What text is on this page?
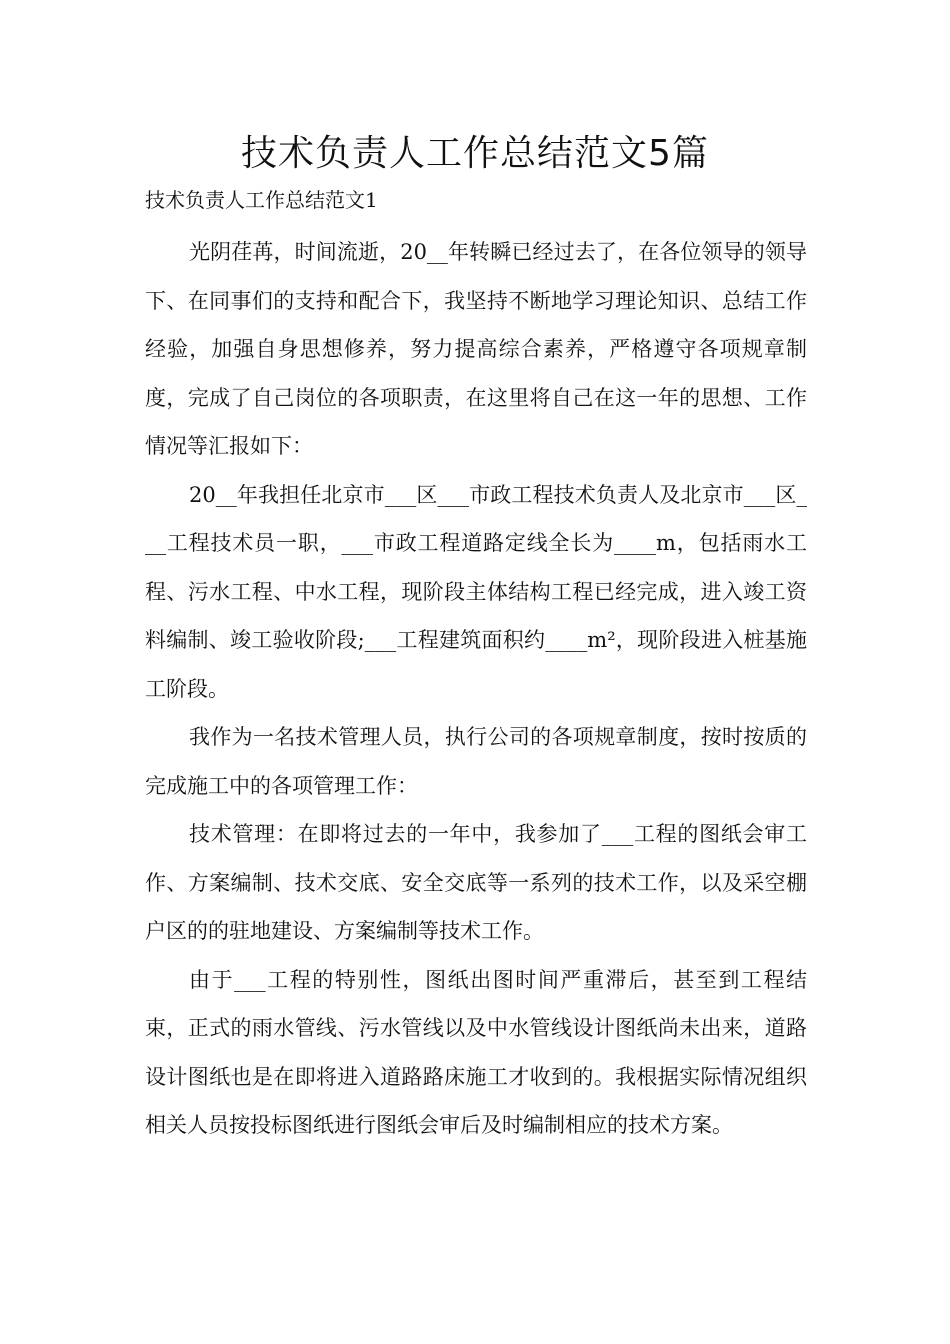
技术负责人工作总结范文5篇
技术负责人工作总结范文1

光阴荏苒，时间流逝，20__年转瞬已经过去了，在各位领导的领导下、在同事们的支持和配合下，我坚持不断地学习理论知识、总结工作经验，加强自身思想修养，努力提高综合素养，严格遵守各项规章制度，完成了自己岗位的各项职责，在这里将自己在这一年的思想、工作情况等汇报如下：

20__年我担任北京市___区___市政工程技术负责人及北京市___区___工程技术员一职，___市政工程道路定线全长为____m，包括雨水工程、污水工程、中水工程，现阶段主体结构工程已经完成，进入竣工资料编制、竣工验收阶段;___工程建筑面积约____m²，现阶段进入桩基施工阶段。

我作为一名技术管理人员，执行公司的各项规章制度，按时按质的完成施工中的各项管理工作：

技术管理：在即将过去的一年中，我参加了___工程的图纸会审工作、方案编制、技术交底、安全交底等一系列的技术工作，以及采空棚户区的的驻地建设、方案编制等技术工作。

由于___工程的特别性，图纸出图时间严重滞后，甚至到工程结束，正式的雨水管线、污水管线以及中水管线设计图纸尚未出来，道路设计图纸也是在即将进入道路路床施工才收到的。我根据实际情况组织相关人员按投标图纸进行图纸会审后及时编制相应的技术方案。
